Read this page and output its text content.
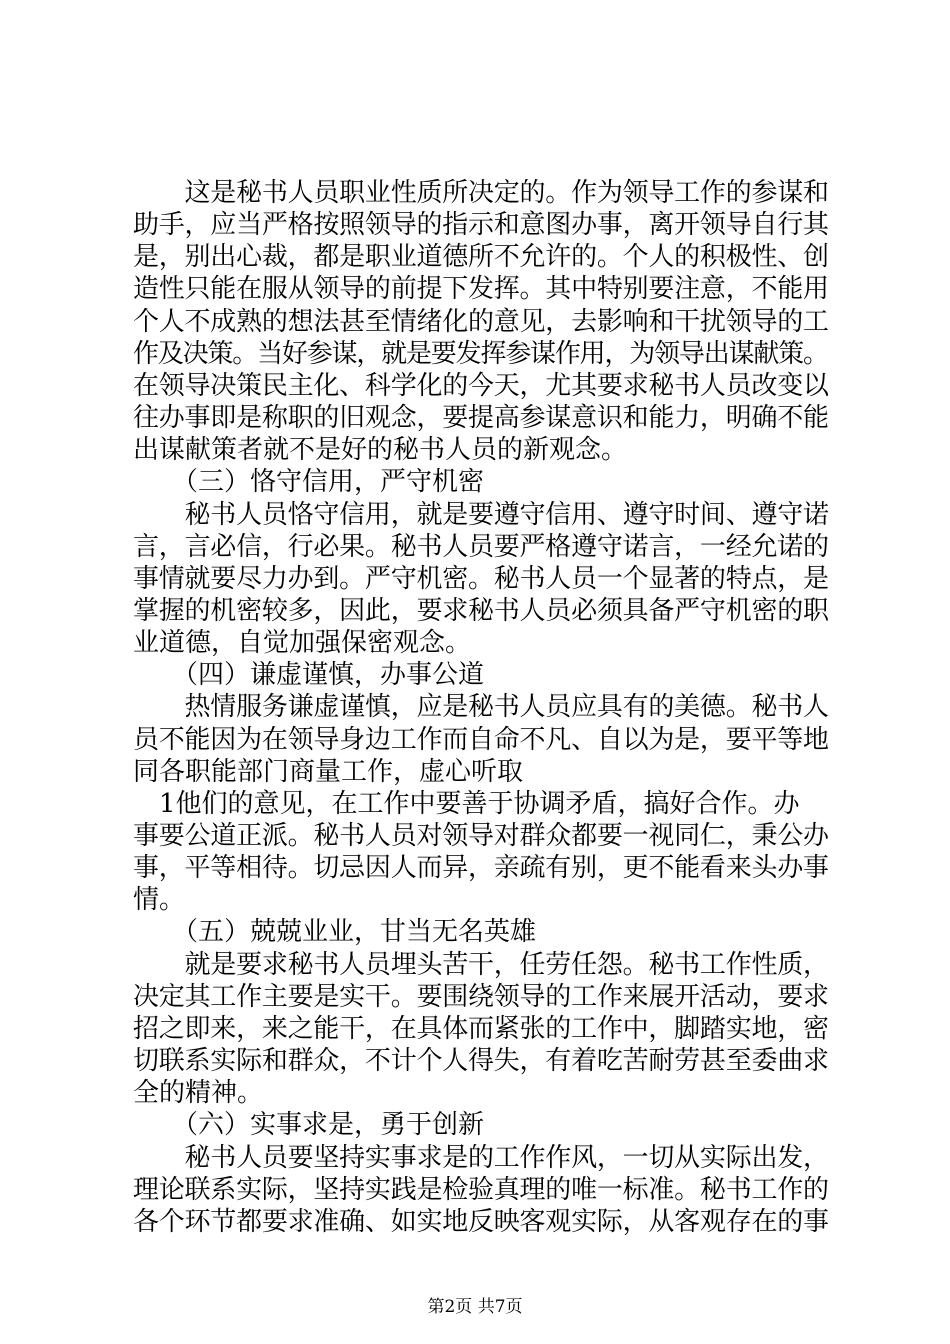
　　这是秘书人员职业性质所决定的。作为领导工作的参谋和
助手，应当严格按照领导的指示和意图办事，离开领导自行其
是，别出心裁，都是职业道德所不允许的。个人的积极性、创
造性只能在服从领导的前提下发挥。其中特别要注意，不能用
个人不成熟的想法甚至情绪化的意见，去影响和干扰领导的工
作及决策。当好参谋，就是要发挥参谋作用，为领导出谋献策。
在领导决策民主化、科学化的今天，尤其要求秘书人员改变以
往办事即是称职的旧观念，要提高参谋意识和能力，明确不能
出谋献策者就不是好的秘书人员的新观念。
　　（三）恪守信用，严守机密
　　秘书人员恪守信用，就是要遵守信用、遵守时间、遵守诺
言，言必信，行必果。秘书人员要严格遵守诺言，一经允诺的
事情就要尽力办到。严守机密。秘书人员一个显著的特点，是
掌握的机密较多，因此，要求秘书人员必须具备严守机密的职
业道德，自觉加强保密观念。
　　（四）谦虚谨慎，办事公道
　　热情服务谦虚谨慎，应是秘书人员应具有的美德。秘书人
员不能因为在领导身边工作而自命不凡、自以为是，要平等地
同各职能部门商量工作，虚心听取
　1他们的意见，在工作中要善于协调矛盾，搞好合作。办
事要公道正派。秘书人员对领导对群众都要一视同仁，秉公办
事，平等相待。切忌因人而异，亲疏有别，更不能看来头办事
情。
　　（五）兢兢业业，甘当无名英雄
　　就是要求秘书人员埋头苦干，任劳任怨。秘书工作性质，
决定其工作主要是实干。要围绕领导的工作来展开活动，要求
招之即来，来之能干，在具体而紧张的工作中，脚踏实地，密
切联系实际和群众，不计个人得失，有着吃苦耐劳甚至委曲求
全的精神。
　　（六）实事求是，勇于创新
　　秘书人员要坚持实事求是的工作作风，一切从实际出发，
理论联系实际，坚持实践是检验真理的唯一标准。秘书工作的
各个环节都要求准确、如实地反映客观实际，从客观存在的事
第2页 共7页
